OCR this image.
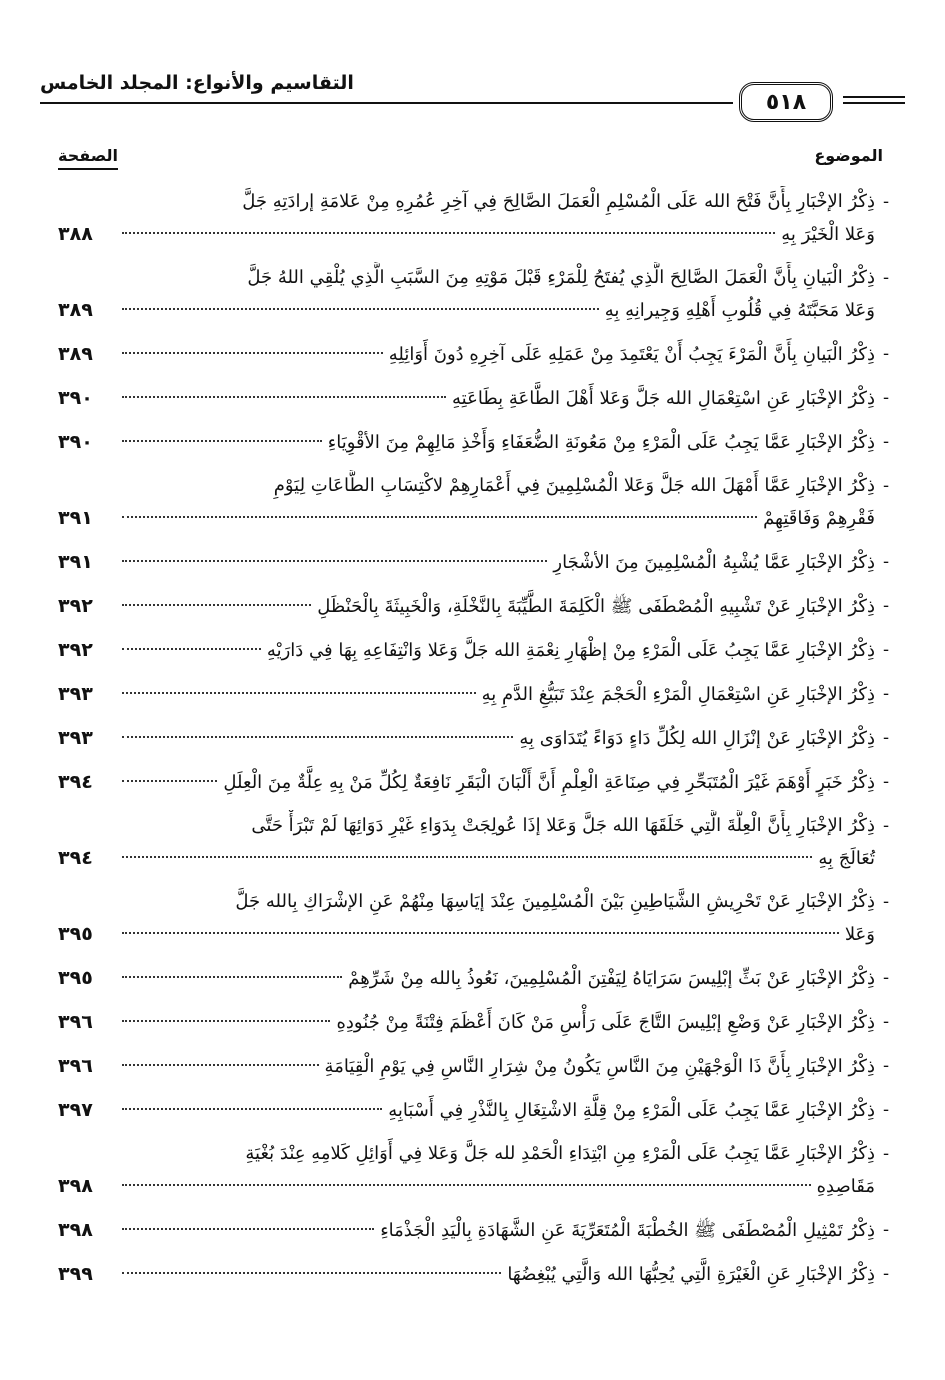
٥١٨
التقاسيم والأنواع: المجلد الخامس
الموضوع
الصفحة
-
ذِكْرُ الإخْبَارِ بِأَنَّ فَتْحَ الله عَلَى الْمُسْلِمِ الْعَمَلَ الصَّالِحَ فِي آخِرِ عُمُرِهِ مِنْ عَلامَةِ إرادَتِهِ جَلَّ
وَعَلا الْخَيْرَ بِهِ
٣٨٨
-
ذِكْرُ الْبَيانِ بِأَنَّ الْعَمَلَ الصَّالِحَ الَّذِي يُفتَحُ لِلْمَرْءِ قَبْلَ مَوْتِهِ مِنَ السَّبَبِ الَّذِي يُلْقِي اللهُ جَلَّ
وَعَلا مَحَبَّتَهُ فِي قُلُوبِ أَهْلِهِ وَجِيرانِهِ بِهِ
٣٨٩
-
ذِكْرُ الْبَيانِ بِأَنَّ الْمَرْءَ يَجِبُ أَنْ يَعْتَمِدَ مِنْ عَمَلِهِ عَلَى آخِرِهِ دُونَ أَوَائِلِهِ
٣٨٩
-
ذِكْرُ الإخْبَارِ عَنِ اسْتِعْمَالِ الله جَلَّ وَعَلا أَهْلَ الطَّاعَةِ بِطَاعَتِهِ
٣٩٠
-
ذِكْرُ الإخْبَارِ عَمَّا يَجِبُ عَلَى الْمَرْءِ مِنْ مَعُونَةِ الضُّعَفَاءِ وَأَخْذِ مَالِهِمْ مِنَ الأقْوِيَاءِ
٣٩٠
-
ذِكْرُ الإخْبَارِ عَمَّا أَمْهَلَ الله جَلَّ وَعَلا الْمُسْلِمِينَ فِي أَعْمَارِهِمْ لاكْتِسَابِ الطَّاعَاتِ لِيَوْمِ
فَقْرِهِمْ وَفَاقَتِهِمْ
٣٩١
-
ذِكْرُ الإخْبَارِ عَمَّا يُشْبِهُ الْمُسْلِمِينَ مِنَ الأشْجَارِ
٣٩١
-
ذِكْرُ الإخْبَارِ عَنْ تَشْبِيهِ الْمُصْطَفَى ﷺ الْكَلِمَةَ الطَّيِّبَةَ بِالنَّخْلَةِ، وَالْخَبِيثَةَ بِالْحَنْظَلِ
٣٩٢
-
ذِكْرُ الإخْبَارِ عَمَّا يَجِبُ عَلَى الْمَرْءِ مِنْ إظْهَارِ نِعْمَةِ الله جَلَّ وَعَلا وَانْتِفَاعِهِ بِهَا فِي دَارَيْهِ
٣٩٢
-
ذِكْرُ الإخْبَارِ عَنِ اسْتِعْمَالِ الْمَرْءِ الْحَجْمَ عِنْدَ تَبَيُّغِ الدَّمِ بِهِ
٣٩٣
-
ذِكْرُ الإخْبَارِ عَنْ إنْزَالِ الله لِكُلِّ دَاءٍ دَوَاءً يُتَدَاوَى بِهِ
٣٩٣
-
ذِكْرُ خَبَرٍ أَوْهَمَ غَيْرَ الْمُتَبَحِّرِ فِي صِنَاعَةِ الْعِلْمِ أَنَّ أَلْبَانَ الْبَقَرِ نَافِعَةٌ لِكُلِّ مَنْ بِهِ عِلَّةٌ مِنَ الْعِلَلِ
٣٩٤
-
ذِكْرُ الإخْبَارِ بِأَنَّ الْعِلَّةَ الَّتِي خَلَقَهَا الله جَلَّ وَعَلا إذَا عُولِجَتْ بِدَوَاءِ غَيْرِ دَوَائِهَا لَمْ تَبْرَأْ حَتَّى
تُعَالَجَ بِهِ
٣٩٤
-
ذِكْرُ الإخْبَارِ عَنْ تَحْرِيشِ الشَّيَاطِينِ بَيْنَ الْمُسْلِمِينَ عِنْدَ إيَاسِهَا مِنْهُمْ عَنِ الإشْرَاكِ بِالله جَلَّ
وَعَلا
٣٩٥
-
ذِكْرُ الإخْبَارِ عَنْ بَثِّ إبْلِيسَ سَرَايَاهُ لِيَفْتِنَ الْمُسْلِمِينَ، نَعُوذُ بِالله مِنْ شَرِّهِمْ
٣٩٥
-
ذِكْرُ الإخْبَارِ عَنْ وَضْعِ إبْلِيسَ التَّاجَ عَلَى رَأْسِ مَنْ كَانَ أَعْظَمَ فِتْنَةً مِنْ جُنُودِهِ
٣٩٦
-
ذِكْرُ الإخْبَارِ بِأَنَّ ذَا الْوَجْهَيْنِ مِنَ النَّاسِ يَكُونُ مِنْ شِرَارِ النَّاسِ فِي يَوْمِ الْقِيَامَةِ
٣٩٦
-
ذِكْرُ الإخْبَارِ عَمَّا يَجِبُ عَلَى الْمَرْءِ مِنْ قِلَّةِ الاشْتِغَالِ بِالنَّذْرِ فِي أَسْبَابِهِ
٣٩٧
-
ذِكْرُ الإخْبَارِ عَمَّا يَجِبُ عَلَى الْمَرْءِ مِنِ ابْتِدَاءِ الْحَمْدِ لله جَلَّ وَعَلا فِي أَوَائِلِ كَلامِهِ عِنْدَ بُغْيَةِ
مَقَاصِدِهِ
٣٩٨
-
ذِكْرُ تَمْثِيلِ الْمُصْطَفَى ﷺ الخُطْبَةَ الْمُتَعَرِّيَةَ عَنِ الشَّهَادَةِ بِالْيَدِ الْجَذْمَاءِ
٣٩٨
-
ذِكْرُ الإخْبَارِ عَنِ الْغَيْرَةِ الَّتِي يُحِبُّهَا الله وَالَّتِي يُبْغِضُهَا
٣٩٩
